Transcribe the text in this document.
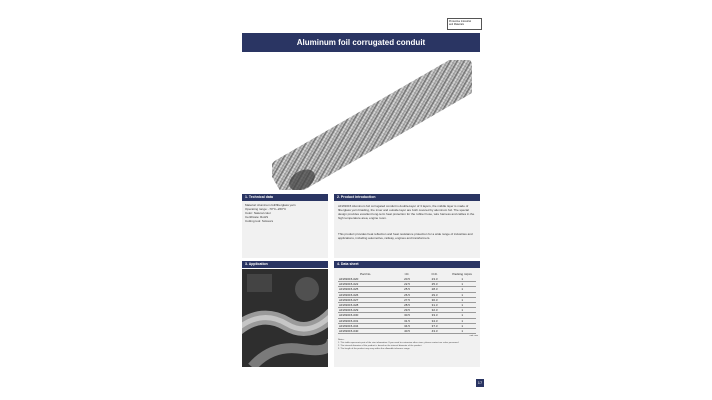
Protective Industrial
and Materials
Aluminum foil corrugated conduit
1. Technical data
Material: Aluminum foil/fiberglass yarn
Operating range: -70°C~260°C
Color: Natural color
Certificate: RoHS
Cutting tool: Scissors
2. Product introduction
AFW2015 Aluminum foil corrugated conduit is double-layer of 3 layers, the middle layer is made of fiberglass yarn braiding, the inner and outside layer are both covered by aluminum foil. The special design provides excellent long-term heat protection for the rubber hose, wire harness and cables in the high temperature area, engine room.
This product provides heat reflection and heat resistance protection for a wide range of industries and applications, including automotive, railway, engines and transformers.
3. Application	4. Data sheet
Part No.	I.D.	O.D.	Packing m/pcs
AFW2015-020	20.5	23.3	1
AFW2015-022	22.5	25.3	1
AFW2015-025	25.5	28.3	1
AFW2015-026	26.5	29.3	1
AFW2015-027	27.5	30.3	1
AFW2015-028	28.5	31.3	1
AFW2015-029	29.5	32.3	1
AFW2015-030	30.5	33.3	1
AFW2015-031	31.5	34.3	1
AFW2015-034	34.5	37.3	1
AFW2015-040	40.5	43.3	1
unit: mm
Notes:
1. This table represents part of the size information. If you need to customize other sizes, please contact our sales personnel.
2. The internal diameter of the product is based on the internal diameter of the product.
3. The length of the product may vary within the allowable tolerance range.
17
